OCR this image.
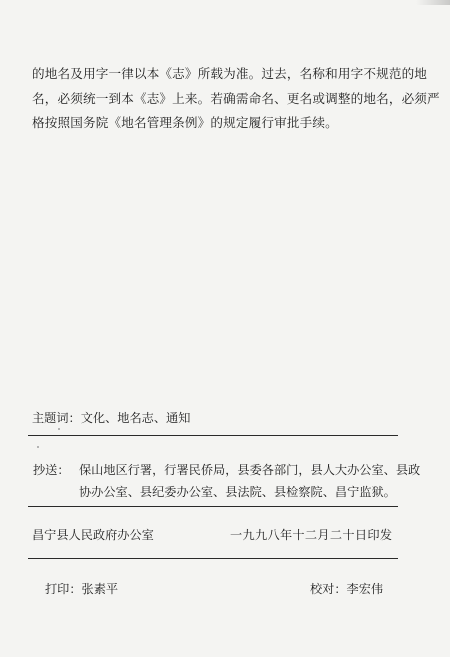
的地名及用字一律以本《志》所载为准。过去，名称和用字不规范的地
名，必须统一到本《志》上来。若确需命名、更名或调整的地名，必须严
格按照国务院《地名管理条例》的规定履行审批手续。
主题词：文化、地名志、通知
抄送： 保山地区行署，行署民侨局，县委各部门，县人大办公室、县政
协办公室、县纪委办公室、县法院、县检察院、昌宁监狱。
昌宁县人民政府办公室	一九九八年十二月二十日印发
打印：张素平	校对：李宏伟
